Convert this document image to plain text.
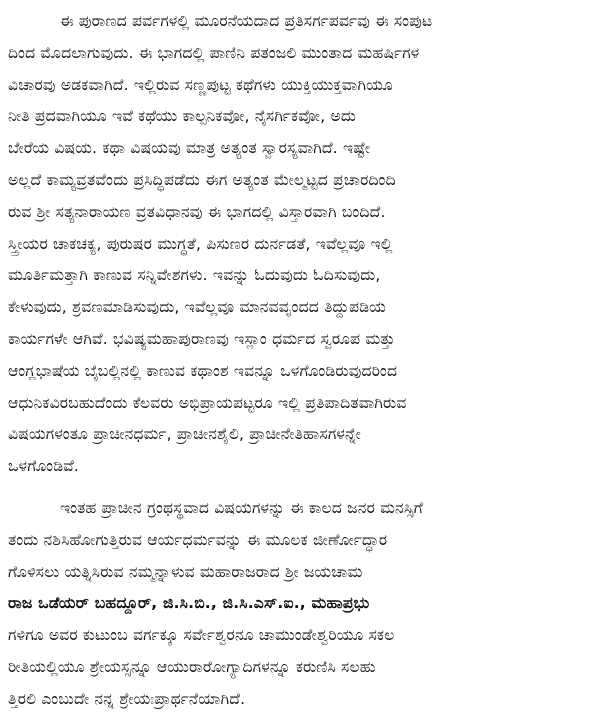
ಈ ಪುರಾಣದ ಪರ್ವಗಳಲ್ಲಿ ಮೂರನೆಯದಾದ ಪ್ರತಿಸರ್ಗಪರ್ವವು ಈ ಸಂಪುಟ
ದಿಂದ ಮೊದಲಾಗುವುದು. ಈ ಭಾಗದಲ್ಲಿ ಪಾಣಿನಿ ಪತಂಜಲಿ ಮುಂತಾದ ಮಹರ್ಷಿಗಳ
ವಿಚಾರವು ಅಡಕವಾಗಿದೆ. ಇಲ್ಲಿರುವ ಸಣ್ಣಪುಟ್ಟ ಕಥೆಗಳು ಯುಕ್ತಿಯುಕ್ತವಾಗಿಯೂ
ನೀತಿ ಪ್ರದವಾಗಿಯೂ ಇವೆ ಕಥೆಯು ಕಾಲ್ಪನಿಕವೋ, ನೈಸರ್ಗಿಕವೋ, ಅದು
ಬೇರೆಯ ವಿಷಯ. ಕಥಾ ವಿಷಯವು ಮಾತ್ರ ಅತ್ಯಂತ ಸ್ವಾರಸ್ಯವಾಗಿದೆ. ಇಷ್ಟೇ
ಅಲ್ಲದೆ ಕಾಮ್ಯವ್ರತವೆಂದು ಪ್ರಸಿದ್ಧಿಪಡೆದು ಈಗ ಅತ್ಯಂತ ಮೇಲ್ಮಟ್ಟದ ಪ್ರಚಾರದಿಂದಿ
ರುವ ಶ್ರೀ ಸತ್ಯನಾರಾಯಣ ವ್ರತವಿಧಾನವು ಈ ಭಾಗದಲ್ಲಿ ವಿಸ್ತಾರವಾಗಿ ಬಂದಿದೆ.
ಸ್ತ್ರೀಯರ ಚಾಕಚಕ್ಯ, ಪುರುಷರ ಮುಗ್ಧತೆ, ಪಿಸುಣರ ದುರ್ನಡತೆ, ಇವೆಲ್ಲವೂ ಇಲ್ಲಿ
ಮೂರ್ತಿಮತ್ತಾಗಿ ಕಾಣುವ ಸನ್ನಿವೇಶಗಳು. ಇವನ್ನು ಓದುವುದು ಓದಿಸುವುದು,
ಕೇಳುವುದು, ಶ್ರವಣಮಾಡಿಸುವುದು, ಇವೆಲ್ಲವೂ ಮಾನವವೃಂದದ ತಿದ್ದುಪಡಿಯ
ಕಾರ್ಯಗಳೇ ಆಗಿವೆ. ಭವಿಷ್ಯಮಹಾಪುರಾಣವು ಇಸ್ಲಾಂ ಧರ್ಮದ ಸ್ವರೂಪ ಮತ್ತು
ಆಂಗ್ಲಭಾಷೆಯ ಬೈಬಲ್ಲಿನಲ್ಲಿ ಕಾಣುವ ಕಥಾಂಶ ಇವನ್ನೂ ಒಳಗೊಂಡಿರುವುದರಿಂದ
ಆಧುನಿಕವಿರಬಹುದೆಂದು ಕೆಲವರು ಅಭಿಪ್ರಾಯಪಟ್ಟರೂ ಇಲ್ಲಿ ಪ್ರತಿಪಾದಿತವಾಗಿರುವ
ವಿಷಯಗಳಂತೂ ಪ್ರಾಚೀನಧರ್ಮ, ಪ್ರಾಚೀನಶೈಲಿ, ಪ್ರಾಚೀನೇತಿಹಾಸಗಳನ್ನೇ
ಒಳಗೊಂಡಿವೆ.
ಇಂತಹ ಪ್ರಾಚೀನ ಗ್ರಂಥಸ್ಥವಾದ ವಿಷಯಗಳನ್ನು ಈ ಕಾಲದ ಜನರ ಮನಸ್ಸಿಗೆ
ತಂದು ನಶಿಸಿಹೋಗುತ್ತಿರುವ ಆರ್ಯಧರ್ಮವನ್ನು ಈ ಮೂಲಕ ಜೀರ್ಣೋದ್ಧಾರ
ಗೊಳಿಸಲು ಯತ್ನಿಸಿರುವ ನಮ್ಮನ್ನಾಳುವ ಮಹಾರಾಜರಾದ ಶ್ರೀ ಜಯಚಾಮ
ರಾಜ ಒಡೆಯರ್ ಬಹದ್ದೂರ್, ಜಿ.ಸಿ.ಬಿ., ಜಿ.ಸಿ.ಎಸ್.ಐ., ಮಹಾಪ್ರಭು
ಗಳಿಗೂ ಅವರ ಕುಟುಂಬ ವರ್ಗಕ್ಕೂ ಸರ್ವೇಶ್ವರನೂ ಚಾಮುಂಡೇಶ್ವರಿಯೂ ಸಕಲ
ರೀತಿಯಲ್ಲಿಯೂ ಶ್ರೇಯಸ್ಸನ್ನೂ ಆಯುರಾರೋಗ್ಯಾದಿಗಳನ್ನೂ ಕರುಣಿಸಿ ಸಲಹು
ತ್ತಿರಲಿ ಎಂಬುದೇ ನನ್ನ ಶ್ರೇಯಃಪ್ರಾರ್ಥನೆಯಾಗಿದೆ.
